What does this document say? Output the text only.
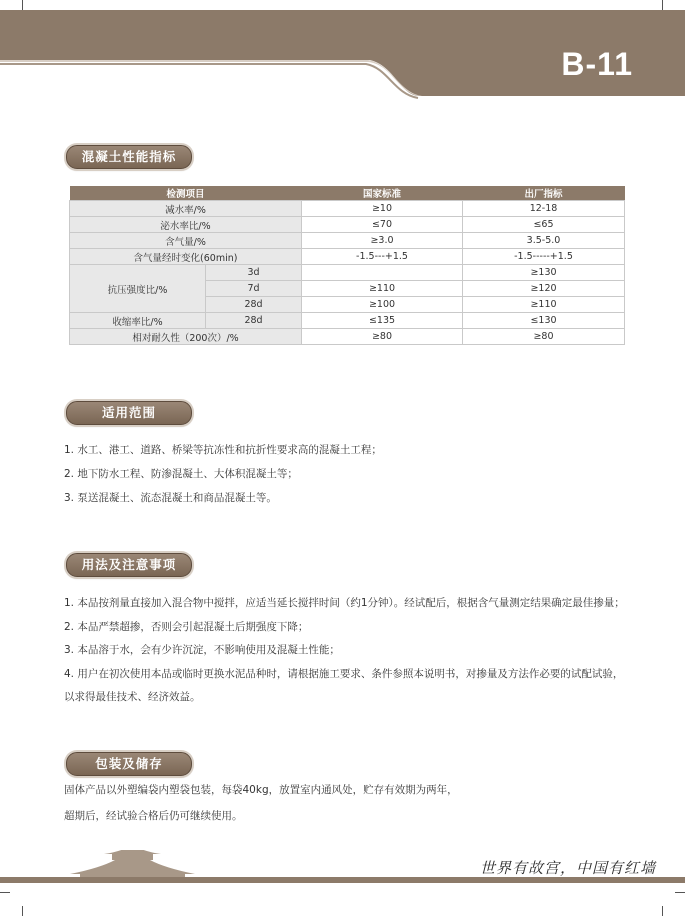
B-11
混凝土性能指标
检测项目		国家标准	出厂指标
减水率/%		≥10	12-18
泌水率比/%		≤70	≤65
含气量/%		≥3.0	3.5-5.0
含气量经时变化(60min)		-1.5---+1.5	-1.5-----+1.5
抗压强度比/%	3d		≥130
	7d	≥110	≥120
	28d	≥100	≥110
收缩率比/%	28d	≤135	≤130
相对耐久性（200次）/%		≥80	≥80
适用范围
1. 水工、港工、道路、桥梁等抗冻性和抗折性要求高的混凝土工程；
2. 地下防水工程、防渗混凝土、大体积混凝土等；
3. 泵送混凝土、流态混凝土和商品混凝土等。
用法及注意事项
1. 本品按剂量直接加入混合物中搅拌，应适当延长搅拌时间（约1分钟）。经试配后，根据含气量测定结果确定最佳掺量；
2. 本品严禁超掺，否则会引起混凝土后期强度下降；
3. 本品溶于水，会有少许沉淀，不影响使用及混凝土性能；
4. 用户在初次使用本品或临时更换水泥品种时，请根据施工要求、条件参照本说明书，对掺量及方法作必要的试配试验，
以求得最佳技术、经济效益。
包装及储存
固体产品以外塑编袋内塑袋包装，每袋40kg，放置室内通风处，贮存有效期为两年，
超期后，经试验合格后仍可继续使用。
世界有故宫，中国有红墙
